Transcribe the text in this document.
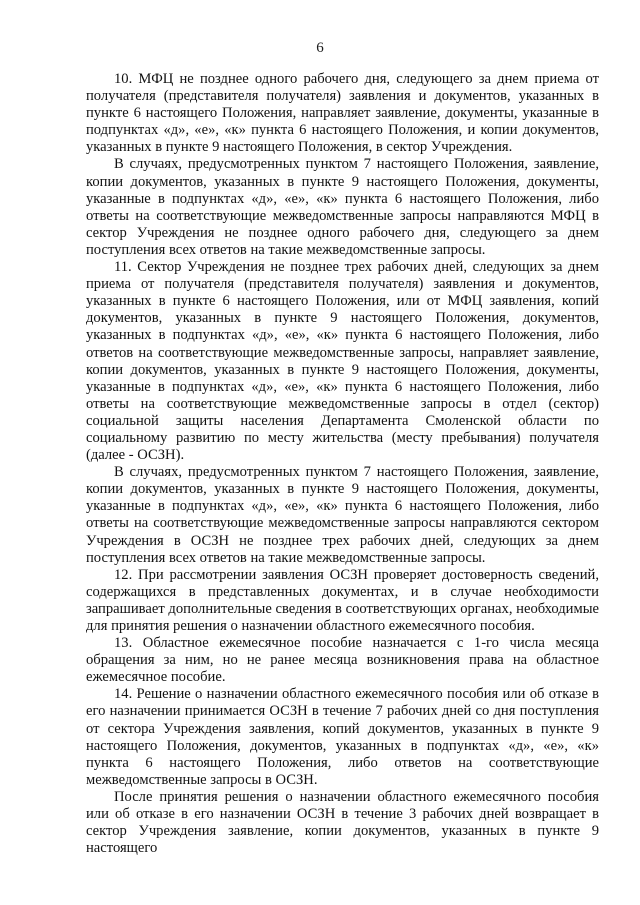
6

10. МФЦ не позднее одного рабочего дня, следующего за днем приема от получателя (представителя получателя) заявления и документов, указанных в пункте 6 настоящего Положения, направляет заявление, документы, указанные в подпунктах «д», «е», «к» пункта 6 настоящего Положения, и копии документов, указанных в пункте 9 настоящего Положения, в сектор Учреждения.

В случаях, предусмотренных пунктом 7 настоящего Положения, заявление, копии документов, указанных в пункте 9 настоящего Положения, документы, указанные в подпунктах «д», «е», «к» пункта 6 настоящего Положения, либо ответы на соответствующие межведомственные запросы направляются МФЦ в сектор Учреждения не позднее одного рабочего дня, следующего за днем поступления всех ответов на такие межведомственные запросы.

11. Сектор Учреждения не позднее трех рабочих дней, следующих за днем приема от получателя (представителя получателя) заявления и документов, указанных в пункте 6 настоящего Положения, или от МФЦ заявления, копий документов, указанных в пункте 9 настоящего Положения, документов, указанных в подпунктах «д», «е», «к» пункта 6 настоящего Положения, либо ответов на соответствующие межведомственные запросы, направляет заявление, копии документов, указанных в пункте 9 настоящего Положения, документы, указанные в подпунктах «д», «е», «к» пункта 6 настоящего Положения, либо ответы на соответствующие межведомственные запросы в отдел (сектор) социальной защиты населения Департамента Смоленской области по социальному развитию по месту жительства (месту пребывания) получателя (далее - ОСЗН).

В случаях, предусмотренных пунктом 7 настоящего Положения, заявление, копии документов, указанных в пункте 9 настоящего Положения, документы, указанные в подпунктах «д», «е», «к» пункта 6 настоящего Положения, либо ответы на соответствующие межведомственные запросы направляются сектором Учреждения в ОСЗН не позднее трех рабочих дней, следующих за днем поступления всех ответов на такие межведомственные запросы.

12. При рассмотрении заявления ОСЗН проверяет достоверность сведений, содержащихся в представленных документах, и в случае необходимости запрашивает дополнительные сведения в соответствующих органах, необходимые для принятия решения о назначении областного ежемесячного пособия.

13. Областное ежемесячное пособие назначается с 1-го числа месяца обращения за ним, но не ранее месяца возникновения права на областное ежемесячное пособие.

14. Решение о назначении областного ежемесячного пособия или об отказе в его назначении принимается ОСЗН в течение 7 рабочих дней со дня поступления от сектора Учреждения заявления, копий документов, указанных в пункте 9 настоящего Положения, документов, указанных в подпунктах «д», «е», «к» пункта 6 настоящего Положения, либо ответов на соответствующие межведомственные запросы в ОСЗН.

После принятия решения о назначении областного ежемесячного пособия или об отказе в его назначении ОСЗН в течение 3 рабочих дней возвращает в сектор Учреждения заявление, копии документов, указанных в пункте 9 настоящего
